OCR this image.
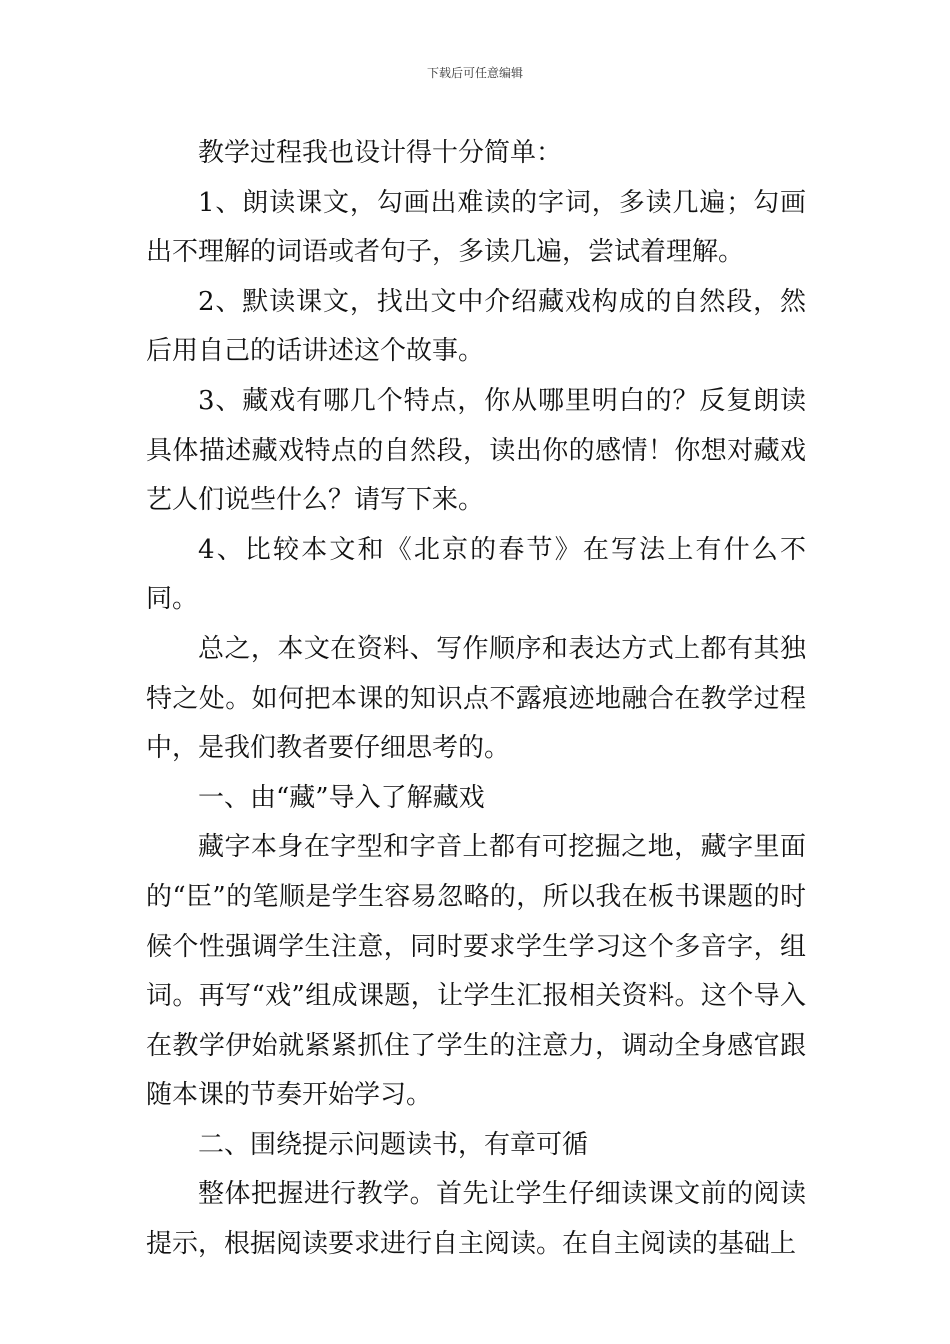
下载后可任意编辑

教学过程我也设计得十分简单：

1、朗读课文，勾画出难读的字词，多读几遍；勾画出不理解的词语或者句子，多读几遍，尝试着理解。

2、默读课文，找出文中介绍藏戏构成的自然段，然后用自己的话讲述这个故事。

3、藏戏有哪几个特点，你从哪里明白的？反复朗读具体描述藏戏特点的自然段，读出你的感情！你想对藏戏艺人们说些什么？请写下来。

4、比较本文和《北京的春节》在写法上有什么不同。

总之，本文在资料、写作顺序和表达方式上都有其独特之处。如何把本课的知识点不露痕迹地融合在教学过程中，是我们教者要仔细思考的。

一、由“藏”导入了解藏戏

藏字本身在字型和字音上都有可挖掘之地，藏字里面的“臣”的笔顺是学生容易忽略的，所以我在板书课题的时候个性强调学生注意，同时要求学生学习这个多音字，组词。再写“戏”组成课题，让学生汇报相关资料。这个导入在教学伊始就紧紧抓住了学生的注意力，调动全身感官跟随本课的节奏开始学习。

二、围绕提示问题读书，有章可循

整体把握进行教学。首先让学生仔细读课文前的阅读提示，根据阅读要求进行自主阅读。在自主阅读的基础上
